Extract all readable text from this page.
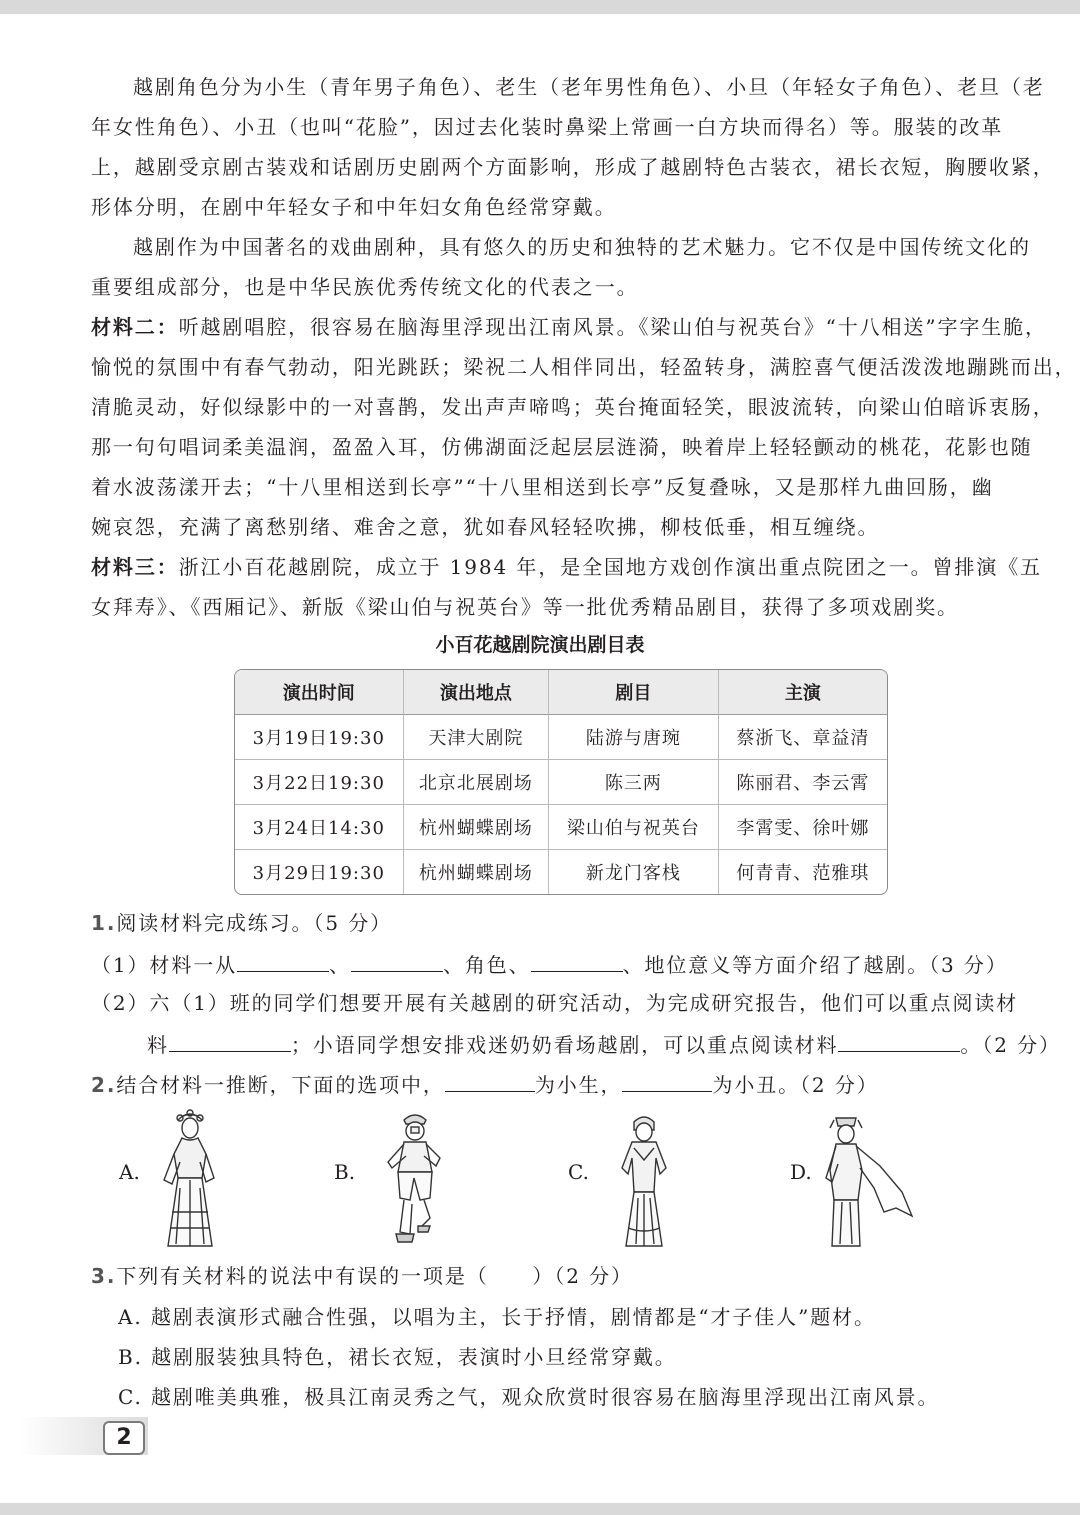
越剧角色分为小生（青年男子角色）、老生（老年男性角色）、小旦（年轻女子角色）、老旦（老
年女性角色）、小丑（也叫“花脸”，因过去化装时鼻梁上常画一白方块而得名）等。服装的改革
上，越剧受京剧古装戏和话剧历史剧两个方面影响，形成了越剧特色古装衣，裙长衣短，胸腰收紧，
形体分明，在剧中年轻女子和中年妇女角色经常穿戴。
越剧作为中国著名的戏曲剧种，具有悠久的历史和独特的艺术魅力。它不仅是中国传统文化的
重要组成部分，也是中华民族优秀传统文化的代表之一。
材料二：听越剧唱腔，很容易在脑海里浮现出江南风景。《梁山伯与祝英台》“十八相送”字字生脆，
愉悦的氛围中有春气勃动，阳光跳跃；梁祝二人相伴同出，轻盈转身，满腔喜气便活泼泼地蹦跳而出，
清脆灵动，好似绿影中的一对喜鹊，发出声声啼鸣；英台掩面轻笑，眼波流转，向梁山伯暗诉衷肠，
那一句句唱词柔美温润，盈盈入耳，仿佛湖面泛起层层涟漪，映着岸上轻轻颤动的桃花，花影也随
着水波荡漾开去；“十八里相送到长亭”“十八里相送到长亭”反复叠咏，又是那样九曲回肠，幽
婉哀怨，充满了离愁别绪、难舍之意，犹如春风轻轻吹拂，柳枝低垂，相互缠绕。
材料三：浙江小百花越剧院，成立于 1984 年，是全国地方戏创作演出重点院团之一。曾排演《五
女拜寿》、《西厢记》、新版《梁山伯与祝英台》等一批优秀精品剧目，获得了多项戏剧奖。
小百花越剧院演出剧目表
演出时间	演出地点	剧目	主演
3月19日19:30	天津大剧院	陆游与唐琬	蔡浙飞、章益清
3月22日19:30	北京北展剧场	陈三两	陈丽君、李云霄
3月24日14:30	杭州蝴蝶剧场	梁山伯与祝英台	李霄雯、徐叶娜
3月29日19:30	杭州蝴蝶剧场	新龙门客栈	何青青、范雅琪
1.阅读材料完成练习。（5 分）
（1）材料一从	、	、角色、	、地位意义等方面介绍了越剧。（3 分）
（2）六（1）班的同学们想要开展有关越剧的研究活动，为完成研究报告，他们可以重点阅读材
料	；小语同学想安排戏迷奶奶看场越剧，可以重点阅读材料	。（2 分）
2.结合材料一推断，下面的选项中，	为小生，	为小丑。（2 分）
A.	B.	C.	D.
3.下列有关材料的说法中有误的一项是（　　）（2 分）
A. 越剧表演形式融合性强，以唱为主，长于抒情，剧情都是“才子佳人”题材。
B. 越剧服装独具特色，裙长衣短，表演时小旦经常穿戴。
C. 越剧唯美典雅，极具江南灵秀之气，观众欣赏时很容易在脑海里浮现出江南风景。
2
